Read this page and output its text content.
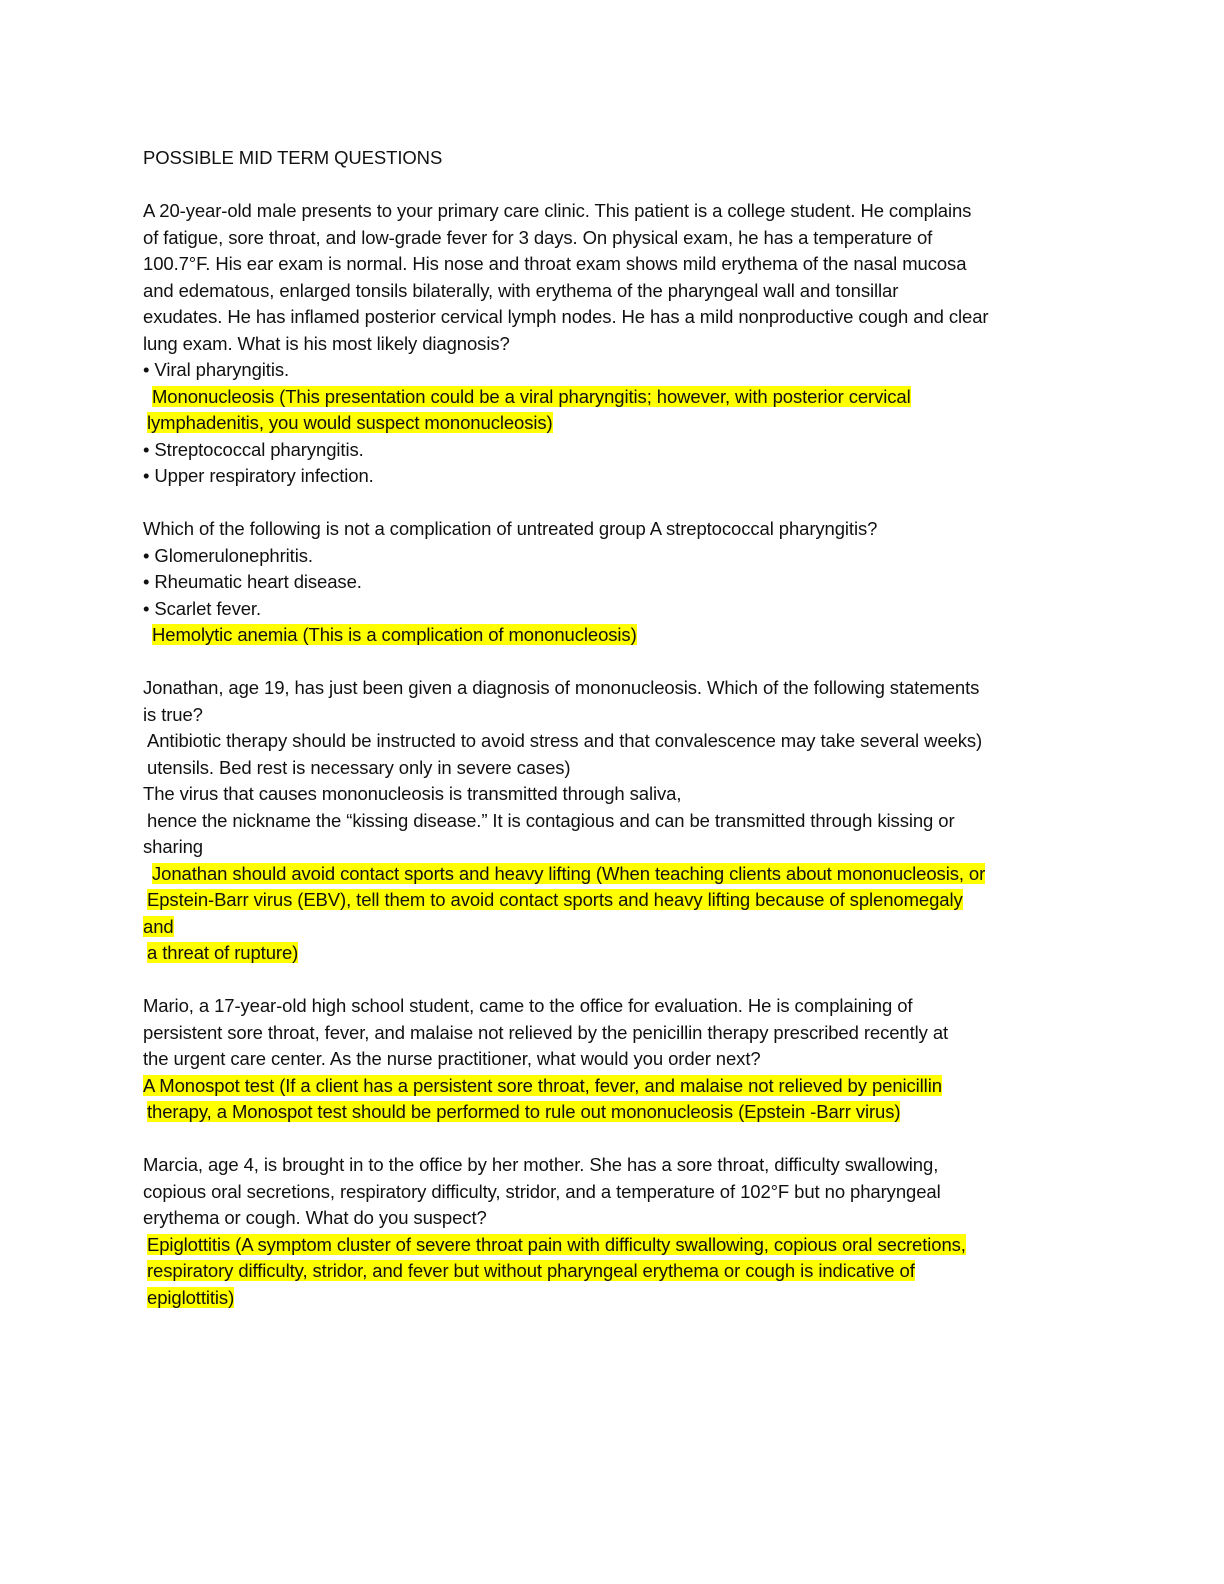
POSSIBLE MID TERM QUESTIONS
A 20-year-old male presents to your primary care clinic. This patient is a college student. He complains
of fatigue, sore throat, and low-grade fever for 3 days. On physical exam, he has a temperature of
100.7°F. His ear exam is normal. His nose and throat exam shows mild erythema of the nasal mucosa
and edematous, enlarged tonsils bilaterally, with erythema of the pharyngeal wall and tonsillar
exudates. He has inflamed posterior cervical lymph nodes. He has a mild nonproductive cough and clear
lung exam. What is his most likely diagnosis?
• Viral pharyngitis.
Mononucleosis (This presentation could be a viral pharyngitis; however, with posterior cervical
lymphadenitis, you would suspect mononucleosis)
• Streptococcal pharyngitis.
• Upper respiratory infection.
Which of the following is not a complication of untreated group A streptococcal pharyngitis?
• Glomerulonephritis.
• Rheumatic heart disease.
• Scarlet fever.
Hemolytic anemia (This is a complication of mononucleosis)
Jonathan, age 19, has just been given a diagnosis of mononucleosis. Which of the following statements
is true?
Antibiotic therapy should be instructed to avoid stress and that convalescence may take several weeks)
utensils. Bed rest is necessary only in severe cases)
The virus that causes mononucleosis is transmitted through saliva,
hence the nickname the “kissing disease.” It is contagious and can be transmitted through kissing or
sharing
Jonathan should avoid contact sports and heavy lifting (When teaching clients about mononucleosis, or
Epstein-Barr virus (EBV), tell them to avoid contact sports and heavy lifting because of splenomegaly
and
a threat of rupture)
Mario, a 17-year-old high school student, came to the office for evaluation. He is complaining of
persistent sore throat, fever, and malaise not relieved by the penicillin therapy prescribed recently at
the urgent care center. As the nurse practitioner, what would you order next?
A Monospot test (If a client has a persistent sore throat, fever, and malaise not relieved by penicillin
therapy, a Monospot test should be performed to rule out mononucleosis (Epstein -Barr virus)
Marcia, age 4, is brought in to the office by her mother. She has a sore throat, difficulty swallowing,
copious oral secretions, respiratory difficulty, stridor, and a temperature of 102°F but no pharyngeal
erythema or cough. What do you suspect?
Epiglottitis (A symptom cluster of severe throat pain with difficulty swallowing, copious oral secretions,
respiratory difficulty, stridor, and fever but without pharyngeal erythema or cough is indicative of
epiglottitis)
